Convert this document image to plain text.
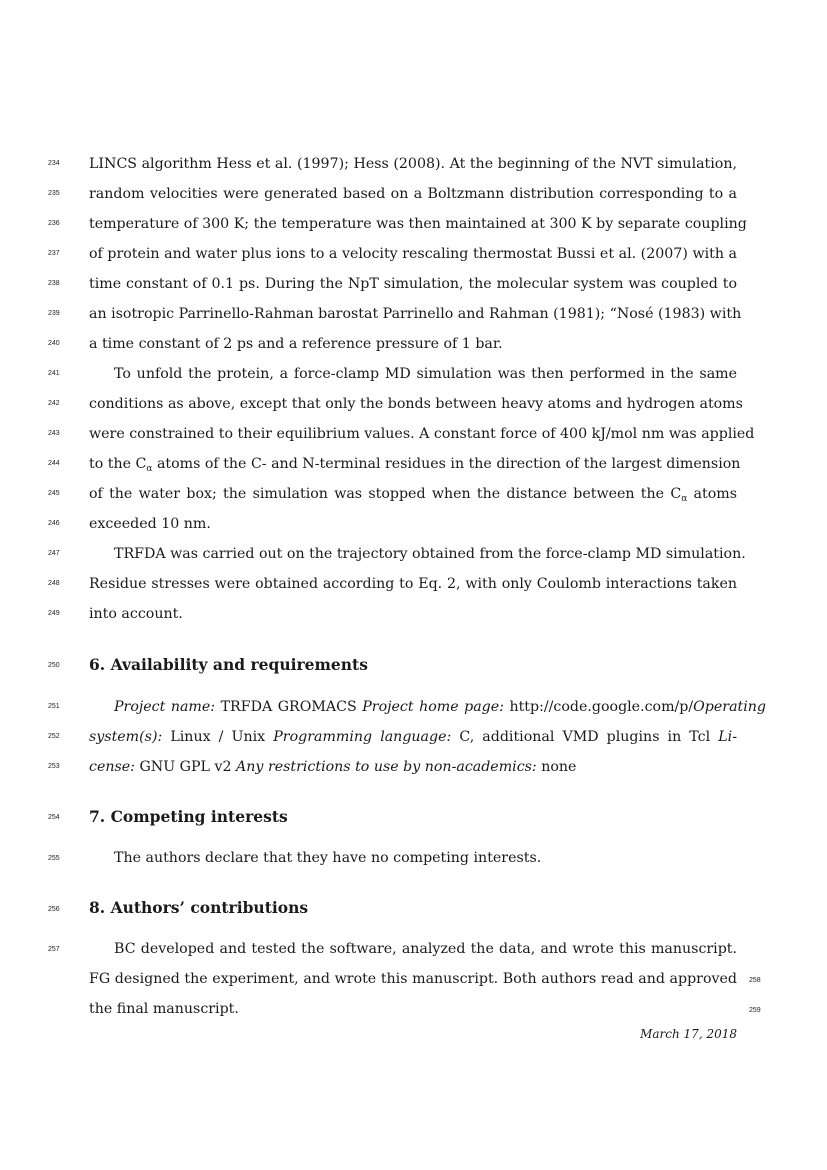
234	LINCS algorithm Hess et al. (1997); Hess (2008). At the beginning of the NVT simulation,
235	random velocities were generated based on a Boltzmann distribution corresponding to a
236	temperature of 300 K; the temperature was then maintained at 300 K by separate coupling
237	of protein and water plus ions to a velocity rescaling thermostat Bussi et al. (2007) with a
238	time constant of 0.1 ps. During the NpT simulation, the molecular system was coupled to
239	an isotropic Parrinello-Rahman barostat Parrinello and Rahman (1981); “Nosé (1983) with
240	a time constant of 2 ps and a reference pressure of 1 bar.
241	To unfold the protein, a force-clamp MD simulation was then performed in the same
242	conditions as above, except that only the bonds between heavy atoms and hydrogen atoms
243	were constrained to their equilibrium values. A constant force of 400 kJ/mol nm was applied
244	to the $C_\alpha$ atoms of the C- and N-terminal residues in the direction of the largest dimension
245	of the water box; the simulation was stopped when the distance between the $C_\alpha$ atoms
246	exceeded 10 nm.
247	TRFDA was carried out on the trajectory obtained from the force-clamp MD simulation.
248	Residue stresses were obtained according to Eq. 2, with only Coulomb interactions taken
249	into account.
250	6. Availability and requirements
251	Project name: TRFDA GROMACS Project home page: http://code.google.com/p/Operating
252	system(s): Linux / Unix Programming language: C, additional VMD plugins in Tcl Li-
253	cense: GNU GPL v2 Any restrictions to use by non-academics: none
254	7. Competing interests
255	The authors declare that they have no competing interests.
256	8. Authors’ contributions
257	BC developed and tested the software, analyzed the data, and wrote this manuscript.
FG designed the experiment, and wrote this manuscript. Both authors read and approved 258
the final manuscript.	259
March 17, 2018
